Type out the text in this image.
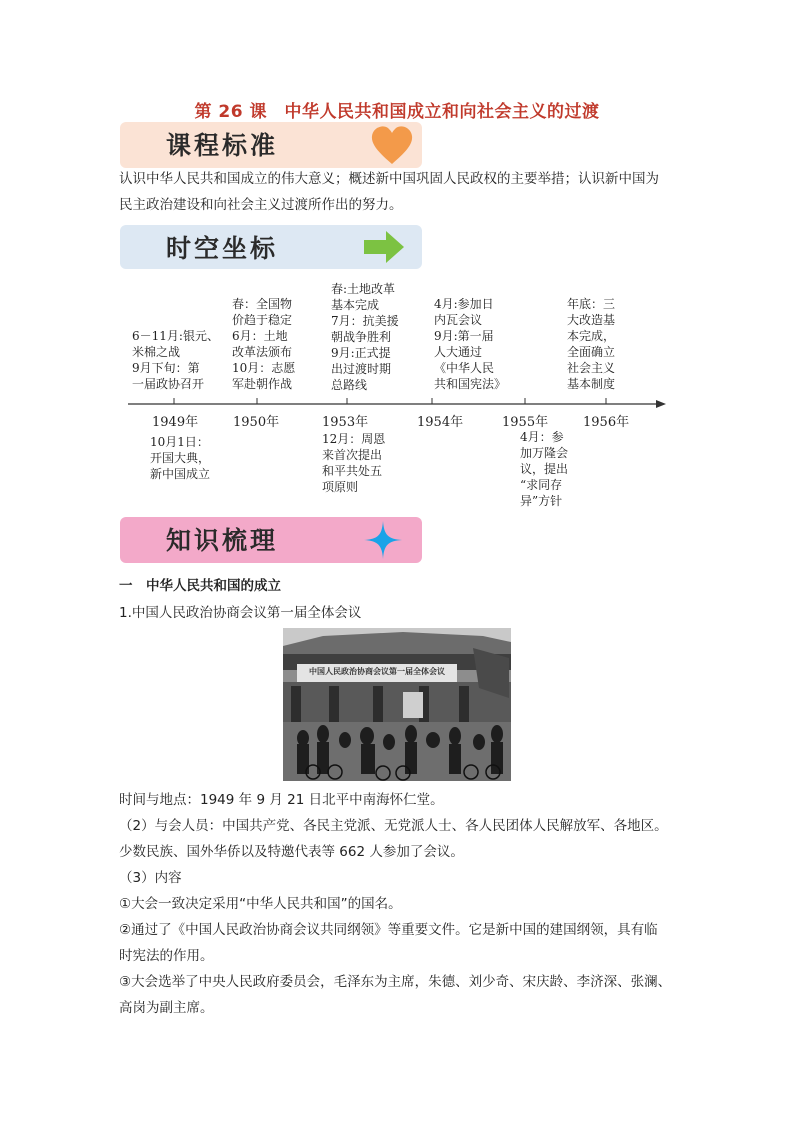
第 26 课　中华人民共和国成立和向社会主义的过渡
课程标准
认识中华人民共和国成立的伟大意义；概述新中国巩固人民政权的主要举措；认识新中国为
民主政治建设和向社会主义过渡所作出的努力。
时空坐标
1949年	1950年	1953年	1954年	1955年	1956年
6－11月:银元、
米棉之战
9月下旬：第
一届政协召开
春：全国物
价趋于稳定
6月：土地
改革法颁布
10月：志愿
军赴朝作战
春:土地改革
基本完成
7月：抗美援
朝战争胜利
9月:正式提
出过渡时期
总路线
4月:参加日
内瓦会议
9月:第一届
人大通过
《中华人民
共和国宪法》
年底：三
大改造基
本完成，
全面确立
社会主义
基本制度
10月1日：
开国大典，
新中国成立
12月：周恩
来首次提出
和平共处五
项原则
4月：参
加万隆会
议，提出
“求同存
异”方针
知识梳理
一　中华人民共和国的成立
1.中国人民政治协商会议第一届全体会议
中国人民政治协商会议第一届全体会议
时间与地点：1949 年 9 月 21 日北平中南海怀仁堂。
（2）与会人员：中国共产党、各民主党派、无党派人士、各人民团体人民解放军、各地区。
少数民族、国外华侨以及特邀代表等 662 人参加了会议。
（3）内容
①大会一致决定采用“中华人民共和国”的国名。
②通过了《中国人民政治协商会议共同纲领》等重要文件。它是新中国的建国纲领，具有临
时宪法的作用。
③大会选举了中央人民政府委员会，毛泽东为主席，朱德、刘少奇、宋庆龄、李济深、张澜、
高岗为副主席。
